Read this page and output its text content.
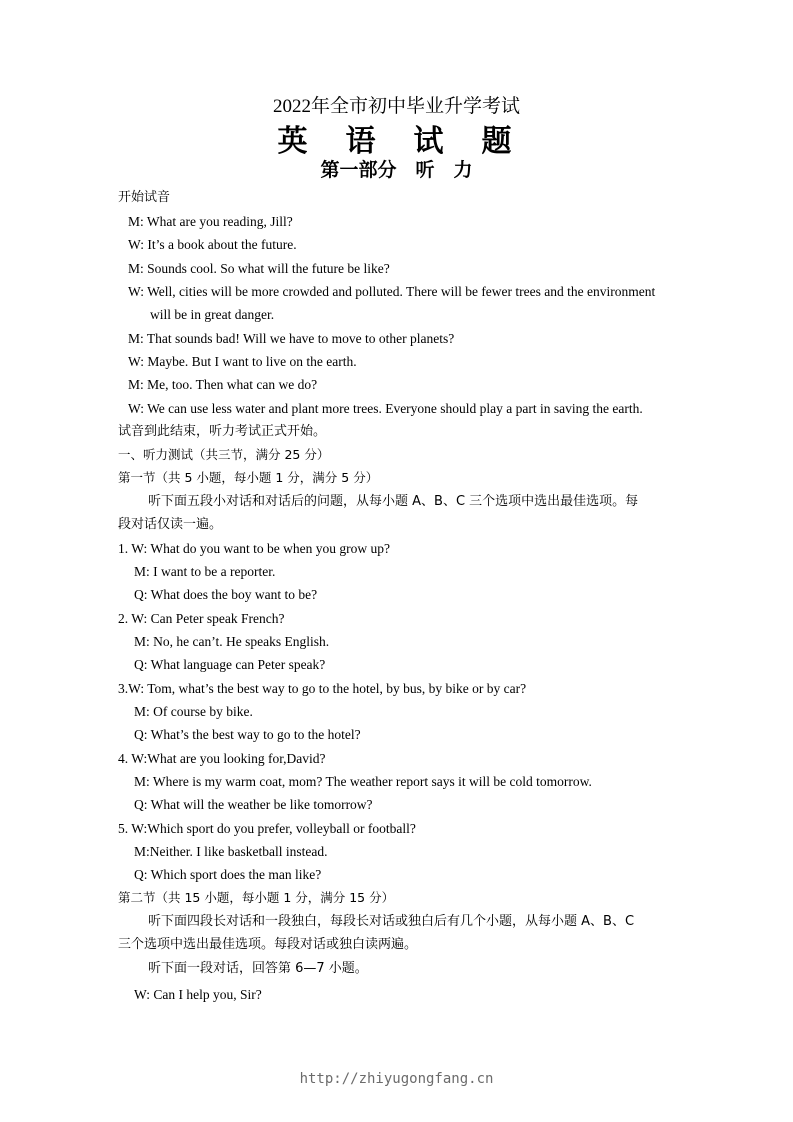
2022年全市初中毕业升学考试
英　语　试　题
第一部分　听　力
开始试音
M: What are you reading, Jill?
W: It’s a book about the future.
M: Sounds cool. So what will the future be like?
W: Well, cities will be more crowded and polluted. There will be fewer trees and the environment
will be in great danger.
M: That sounds bad! Will we have to move to other planets?
W: Maybe. But I want to live on the earth.
M: Me, too. Then what can we do?
W: We can use less water and plant more trees. Everyone should play a part in saving the earth.
试音到此结束，听力考试正式开始。
一、听力测试（共三节，满分 25 分）
第一节（共 5 小题，每小题 1 分，满分 5 分）
听下面五段小对话和对话后的问题，从每小题 A、B、C 三个选项中选出最佳选项。每
段对话仅读一遍。
1. W: What do you want to be when you grow up?
M: I want to be a reporter.
Q: What does the boy want to be?
2. W: Can Peter speak French?
M: No, he can’t. He speaks English.
Q: What language can Peter speak?
3.W: Tom, what’s the best way to go to the hotel, by bus, by bike or by car?
M: Of course by bike.
Q: What’s the best way to go to the hotel?
4. W:What are you looking for,David?
M: Where is my warm coat, mom? The weather report says it will be cold tomorrow.
Q: What will the weather be like tomorrow?
5. W:Which sport do you prefer, volleyball or football?
M:Neither. I like basketball instead.
Q: Which sport does the man like?
第二节（共 15 小题，每小题 1 分，满分 15 分）
听下面四段长对话和一段独白，每段长对话或独白后有几个小题，从每小题 A、B、C
三个选项中选出最佳选项。每段对话或独白读两遍。
听下面一段对话，回答第 6—7 小题。
W: Can I help you, Sir?
http://zhiyugongfang.cn
